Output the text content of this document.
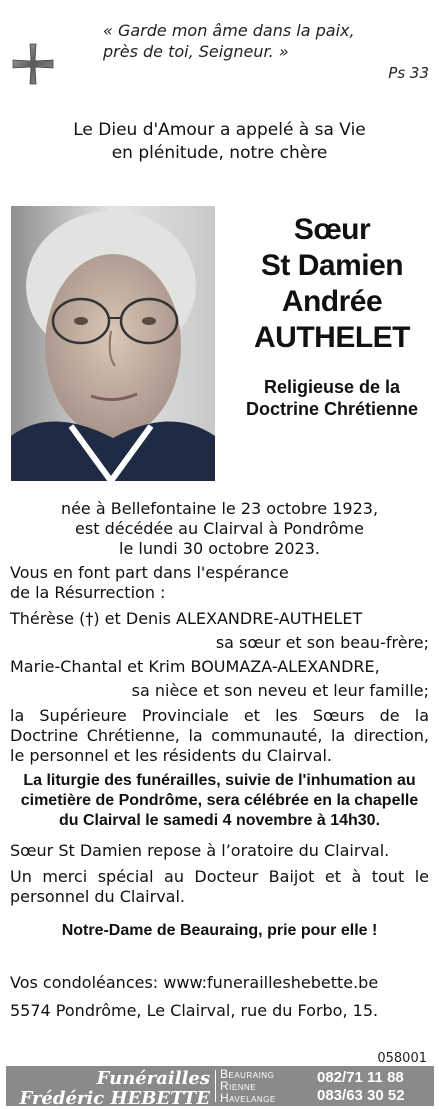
« Garde mon âme dans la paix,
près de toi, Seigneur. »
Ps 33
Le Dieu d'Amour a appelé à sa Vie
en plénitude, notre chère
Sœur
St Damien
Andrée
AUTHELET
Religieuse de la
Doctrine Chrétienne
née à Bellefontaine le 23 octobre 1923,
est décédée au Clairval à Pondrôme
le lundi 30 octobre 2023.
Vous en font part dans l'espérance
de la Résurrection :
Thérèse (†) et Denis ALEXANDRE-AUTHELET
sa sœur et son beau-frère;
Marie-Chantal et Krim BOUMAZA-ALEXANDRE,
sa nièce et son neveu et leur famille;
la Supérieure Provinciale et les Sœurs de la Doctrine Chrétienne, la communauté, la direction, le personnel et les résidents du Clairval.
La liturgie des funérailles, suivie de l'inhumation au
cimetière de Pondrôme, sera célébrée en la chapelle
du Clairval le samedi 4 novembre à 14h30.
Sœur St Damien repose à l’oratoire du Clairval.
Un merci spécial au Docteur Baijot et à tout le personnel du Clairval.
Notre-Dame de Beauraing, prie pour elle !
Vos condoléances: www:funerailleshebette.be
5574 Pondrôme, Le Clairval, rue du Forbo, 15.
058001
Funérailles
Frédéric HEBETTE
Beauraing
Rienne
Havelange
082/71 11 88
083/63 30 52
